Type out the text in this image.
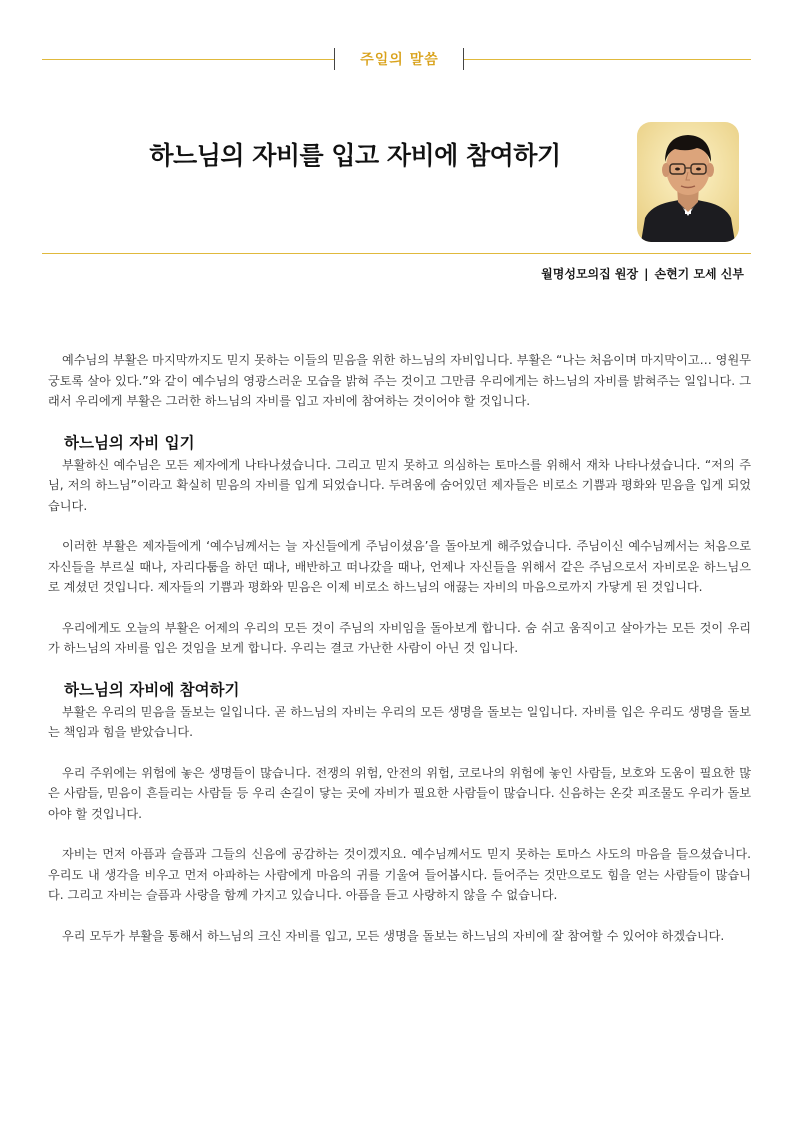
주일의 말씀
하느님의 자비를 입고 자비에 참여하기
월명성모의집 원장 | 손현기 모세 신부

예수님의 부활은 마지막까지도 믿지 못하는 이들의 믿음을 위한 하느님의 자비입니다. 부활은 “나는 처음이며 마지막이고… 영원무궁토록 살아 있다.”와 같이 예수님의 영광스러운 모습을 밝혀 주는 것이고 그만큼 우리에게는 하느님의 자비를 밝혀주는 일입니다. 그래서 우리에게 부활은 그러한 하느님의 자비를 입고 자비에 참여하는 것이어야 할 것입니다.

하느님의 자비 입기

부활하신 예수님은 모든 제자에게 나타나셨습니다. 그리고 믿지 못하고 의심하는 토마스를 위해서 재차 나타나셨습니다. “저의 주님, 저의 하느님”이라고 확실히 믿음의 자비를 입게 되었습니다. 두려움에 숨어있던 제자들은 비로소 기쁨과 평화와 믿음을 입게 되었습니다.

이러한 부활은 제자들에게 ‘예수님께서는 늘 자신들에게 주님이셨음’을 돌아보게 해주었습니다. 주님이신 예수님께서는 처음으로 자신들을 부르실 때나, 자리다툼을 하던 때나, 배반하고 떠나갔을 때나, 언제나 자신들을 위해서 같은 주님으로서 자비로운 하느님으로 계셨던 것입니다. 제자들의 기쁨과 평화와 믿음은 이제 비로소 하느님의 애끓는 자비의 마음으로까지 가닿게 된 것입니다.

우리에게도 오늘의 부활은 어제의 우리의 모든 것이 주님의 자비임을 돌아보게 합니다. 숨 쉬고 움직이고 살아가는 모든 것이 우리가 하느님의 자비를 입은 것임을 보게 합니다. 우리는 결코 가난한 사람이 아닌 것 입니다.

하느님의 자비에 참여하기

부활은 우리의 믿음을 돌보는 일입니다. 곧 하느님의 자비는 우리의 모든 생명을 돌보는 일입니다. 자비를 입은 우리도 생명을 돌보는 책임과 힘을 받았습니다.

우리 주위에는 위험에 놓은 생명들이 많습니다. 전쟁의 위험, 안전의 위험, 코로나의 위험에 놓인 사람들, 보호와 도움이 필요한 많은 사람들, 믿음이 흔들리는 사람들 등 우리 손길이 닿는 곳에 자비가 필요한 사람들이 많습니다. 신음하는 온갖 피조물도 우리가 돌보아야 할 것입니다.

자비는 먼저 아픔과 슬픔과 그들의 신음에 공감하는 것이겠지요. 예수님께서도 믿지 못하는 토마스 사도의 마음을 들으셨습니다. 우리도 내 생각을 비우고 먼저 아파하는 사람에게 마음의 귀를 기울여 들어봅시다. 들어주는 것만으로도 힘을 얻는 사람들이 많습니다. 그리고 자비는 슬픔과 사랑을 함께 가지고 있습니다. 아픔을 듣고 사랑하지 않을 수 없습니다.

우리 모두가 부활을 통해서 하느님의 크신 자비를 입고, 모든 생명을 돌보는 하느님의 자비에 잘 참여할 수 있어야 하겠습니다.
